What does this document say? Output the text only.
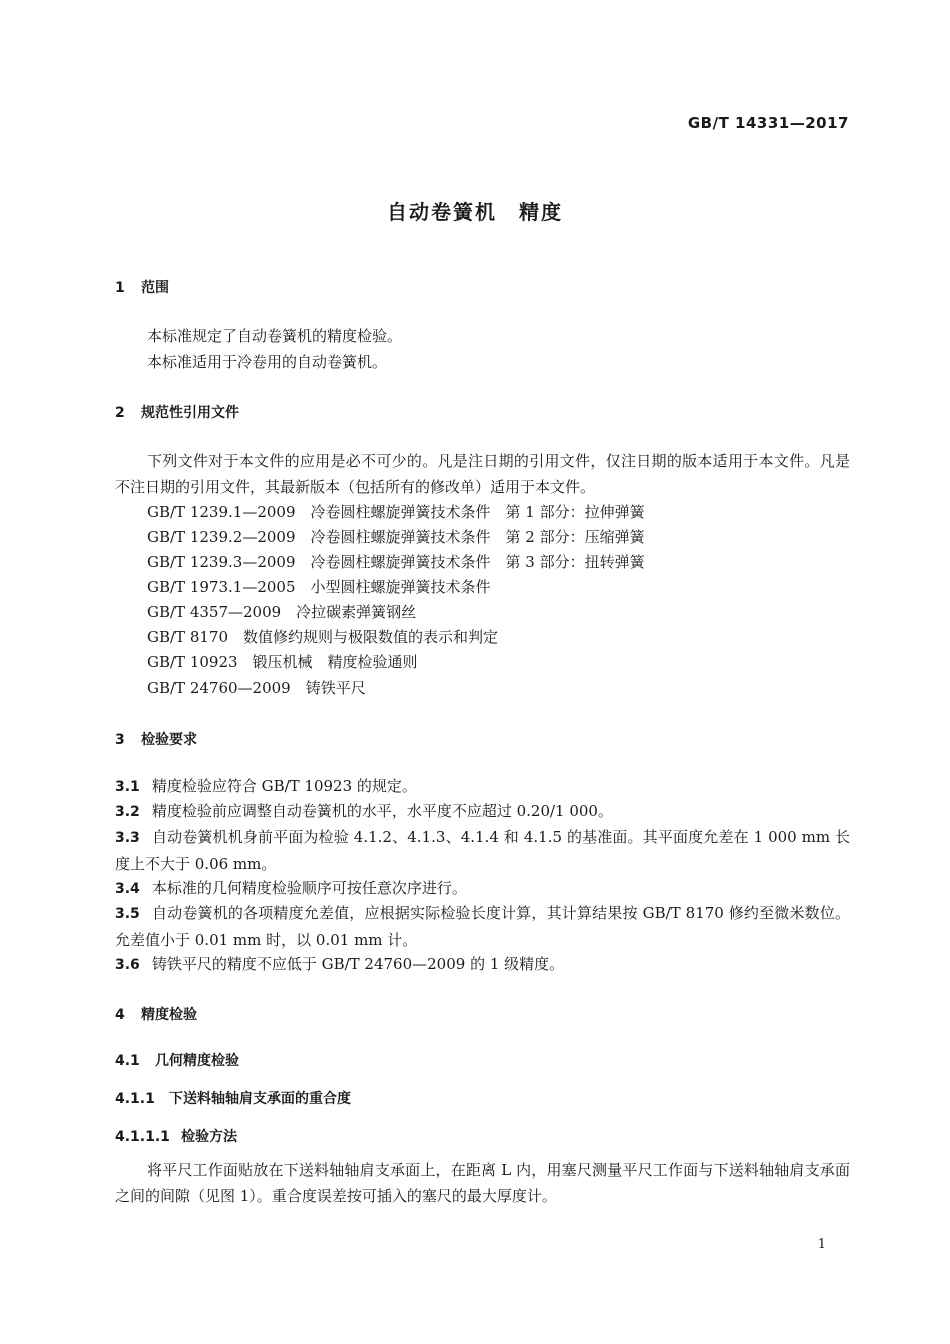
GB/T 14331—2017
自动卷簧机　精度
1 范围
本标准规定了自动卷簧机的精度检验。
本标准适用于冷卷用的自动卷簧机。
2 规范性引用文件
下列文件对于本文件的应用是必不可少的。凡是注日期的引用文件，仅注日期的版本适用于本文件。凡是不注日期的引用文件，其最新版本（包括所有的修改单）适用于本文件。
GB/T 1239.1—2009　冷卷圆柱螺旋弹簧技术条件　第 1 部分：拉伸弹簧
GB/T 1239.2—2009　冷卷圆柱螺旋弹簧技术条件　第 2 部分：压缩弹簧
GB/T 1239.3—2009　冷卷圆柱螺旋弹簧技术条件　第 3 部分：扭转弹簧
GB/T 1973.1—2005　小型圆柱螺旋弹簧技术条件
GB/T 4357—2009　冷拉碳素弹簧钢丝
GB/T 8170　数值修约规则与极限数值的表示和判定
GB/T 10923　锻压机械　精度检验通则
GB/T 24760—2009　铸铁平尺
3 检验要求
3.1 精度检验应符合 GB/T 10923 的规定。
3.2 精度检验前应调整自动卷簧机的水平，水平度不应超过 0.20/1 000。
3.3 自动卷簧机机身前平面为检验 4.1.2、4.1.3、4.1.4 和 4.1.5 的基准面。其平面度允差在 1 000 mm 长度上不大于 0.06 mm。
3.4 本标准的几何精度检验顺序可按任意次序进行。
3.5 自动卷簧机的各项精度允差值，应根据实际检验长度计算，其计算结果按 GB/T 8170 修约至微米数位。允差值小于 0.01 mm 时，以 0.01 mm 计。
3.6 铸铁平尺的精度不应低于 GB/T 24760—2009 的 1 级精度。
4 精度检验
4.1 几何精度检验
4.1.1 下送料轴轴肩支承面的重合度
4.1.1.1 检验方法
将平尺工作面贴放在下送料轴轴肩支承面上，在距离 L 内，用塞尺测量平尺工作面与下送料轴轴肩支承面之间的间隙（见图 1）。重合度误差按可插入的塞尺的最大厚度计。
1
